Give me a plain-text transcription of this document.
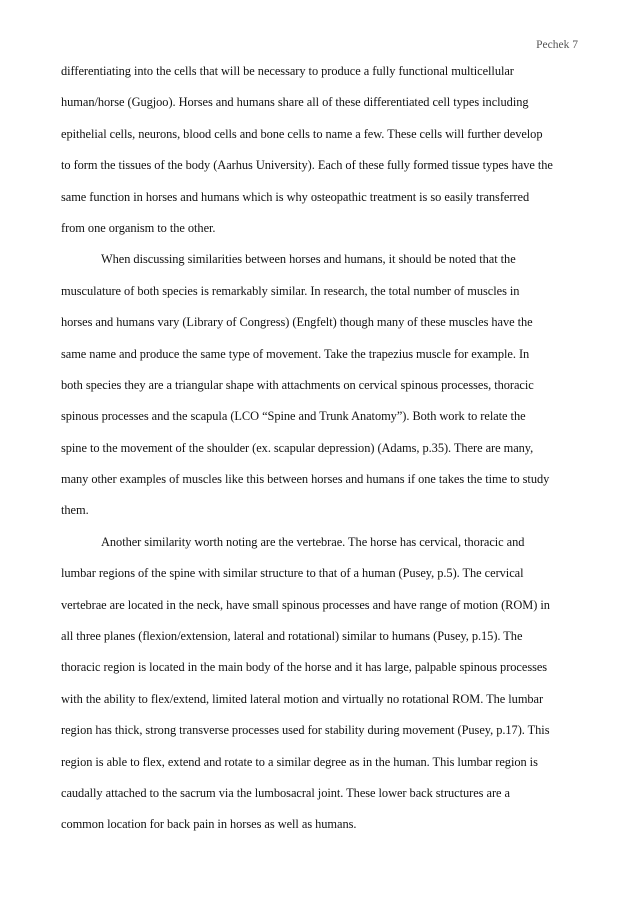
Pechek 7
differentiating into the cells that will be necessary to produce a fully functional multicellular
human/horse (Gugjoo). Horses and humans share all of these differentiated cell types including
epithelial cells, neurons, blood cells and bone cells to name a few. These cells will further develop
to form the tissues of the body (Aarhus University). Each of these fully formed tissue types have the
same function in horses and humans which is why osteopathic treatment is so easily transferred
from one organism to the other.
When discussing similarities between horses and humans, it should be noted that the
musculature of both species is remarkably similar. In research, the total number of muscles in
horses and humans vary (Library of Congress) (Engfelt) though many of these muscles have the
same name and produce the same type of movement. Take the trapezius muscle for example. In
both species they are a triangular shape with attachments on cervical spinous processes, thoracic
spinous processes and the scapula (LCO “Spine and Trunk Anatomy”). Both work to relate the
spine to the movement of the shoulder (ex. scapular depression) (Adams, p.35). There are many,
many other examples of muscles like this between horses and humans if one takes the time to study
them.
Another similarity worth noting are the vertebrae. The horse has cervical, thoracic and
lumbar regions of the spine with similar structure to that of a human (Pusey, p.5). The cervical
vertebrae are located in the neck, have small spinous processes and have range of motion (ROM) in
all three planes (flexion/extension, lateral and rotational) similar to humans (Pusey, p.15). The
thoracic region is located in the main body of the horse and it has large, palpable spinous processes
with the ability to flex/extend, limited lateral motion and virtually no rotational ROM. The lumbar
region has thick, strong transverse processes used for stability during movement (Pusey, p.17). This
region is able to flex, extend and rotate to a similar degree as in the human. This lumbar region is
caudally attached to the sacrum via the lumbosacral joint. These lower back structures are a
common location for back pain in horses as well as humans.
